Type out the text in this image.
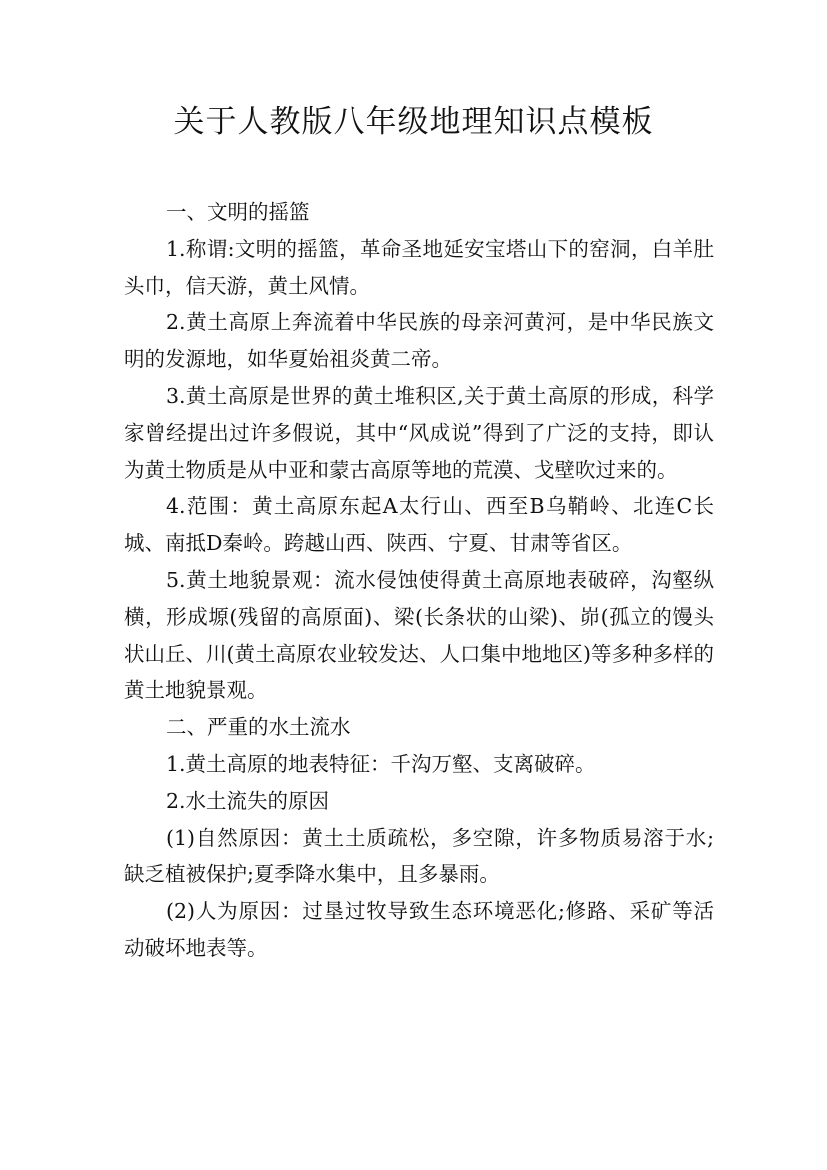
关于人教版八年级地理知识点模板

一、文明的摇篮

1.称谓:文明的摇篮，革命圣地延安宝塔山下的窑洞，白羊肚头巾，信天游，黄土风情。

2.黄土高原上奔流着中华民族的母亲河黄河，是中华民族文明的发源地，如华夏始祖炎黄二帝。

3.黄土高原是世界的黄土堆积区,关于黄土高原的形成，科学家曾经提出过许多假说，其中“风成说”得到了广泛的支持，即认为黄土物质是从中亚和蒙古高原等地的荒漠、戈壁吹过来的。

4.范围：黄土高原东起A太行山、西至B乌鞘岭、北连C长城、南抵D秦岭。跨越山西、陕西、宁夏、甘肃等省区。

5.黄土地貌景观：流水侵蚀使得黄土高原地表破碎，沟壑纵横，形成塬(残留的高原面)、梁(长条状的山梁)、峁(孤立的馒头状山丘、川(黄土高原农业较发达、人口集中地地区)等多种多样的黄土地貌景观。

二、严重的水土流水

1.黄土高原的地表特征：千沟万壑、支离破碎。

2.水土流失的原因

(1)自然原因：黄土土质疏松，多空隙，许多物质易溶于水;缺乏植被保护;夏季降水集中，且多暴雨。

(2)人为原因：过垦过牧导致生态环境恶化;修路、采矿等活动破坏地表等。
